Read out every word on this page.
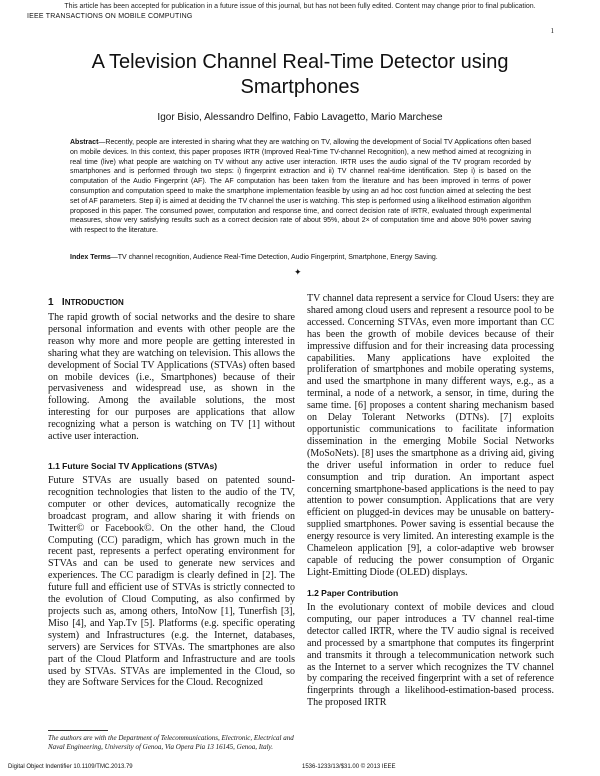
This article has been accepted for publication in a future issue of this journal, but has not been fully edited. Content may change prior to final publication.
IEEE TRANSACTIONS ON MOBILE COMPUTING
1
A Television Channel Real-Time Detector using
Smartphones
Igor Bisio, Alessandro Delfino, Fabio Lavagetto, Mario Marchese
Abstract—Recently, people are interested in sharing what they are watching on TV, allowing the development of Social TV Applications often based on mobile devices. In this context, this paper proposes IRTR (Improved Real-Time TV-channel Recognition), a new method aimed at recognizing in real time (live) what people are watching on TV without any active user interaction. IRTR uses the audio signal of the TV program recorded by smartphones and is performed through two steps: i) fingerprint extraction and ii) TV channel real-time identification. Step i) is based on the computation of the Audio Fingerprint (AF). The AF computation has been taken from the literature and has been improved in terms of power consumption and computation speed to make the smartphone implementation feasible by using an ad hoc cost function aimed at selecting the best set of AF parameters. Step ii) is aimed at deciding the TV channel the user is watching. This step is performed using a likelihood estimation algorithm proposed in this paper. The consumed power, computation and response time, and correct decision rate of IRTR, evaluated through experimental measures, show very satisfying results such as a correct decision rate of about 95%, about 2× of computation time and above 90% power saving with respect to the literature.
Index Terms—TV channel recognition, Audience Real-Time Detection, Audio Fingerprint, Smartphone, Energy Saving.
✦
1 INTRODUCTION

The rapid growth of social networks and the desire to share personal information and events with other people are the reason why more and more people are getting interested in sharing what they are watching on television. This allows the development of Social TV Applications (STVAs) often based on mobile devices (i.e., Smartphones) because of their pervasiveness and widespread use, as shown in the following. Among the available solutions, the most interesting for our purposes are applications that allow recognizing what a person is watching on TV [1] without active user interaction.

1.1 Future Social TV Applications (STVAs)

Future STVAs are usually based on patented sound-recognition technologies that listen to the audio of the TV, computer or other devices, automatically recognize the broadcast program, and allow sharing it with friends on Twitter© or Facebook©. On the other hand, the Cloud Computing (CC) paradigm, which has grown much in the recent past, represents a perfect operating environment for STVAs and can be used to generate new services and experiences. The CC paradigm is clearly defined in [2]. The future full and efficient use of STVAs is strictly connected to the evolution of Cloud Computing, as also confirmed by projects such as, among others, IntoNow [1], Tunerfish [3], Miso [4], and Yap.Tv [5]. Platforms (e.g. specific operating system) and Infrastructures (e.g. the Internet, databases, servers) are Services for STVAs. The smartphones are also part of the Cloud Platform and Infrastructure and are tools used by STVAs. STVAs are implemented in the Cloud, so they are Software Services for the Cloud. Recognized

The authors are with the Department of Telecommunications, Electronic, Electrical and Naval Engineering, University of Genoa, Via Opera Pia 13 16145, Genoa, Italy.

TV channel data represent a service for Cloud Users: they are shared among cloud users and represent a resource pool to be accessed. Concerning STVAs, even more important than CC has been the growth of mobile devices because of their impressive diffusion and for their increasing data processing capabilities. Many applications have exploited the proliferation of smartphones and mobile operating systems, and used the smartphone in many different ways, e.g., as a terminal, a node of a network, a sensor, in time, during the same time. [6] proposes a content sharing mechanism based on Delay Tolerant Networks (DTNs). [7] exploits opportunistic communications to facilitate information dissemination in the emerging Mobile Social Networks (MoSoNets). [8] uses the smartphone as a driving aid, giving the driver useful information in order to reduce fuel consumption and trip duration. An important aspect concerning smartphone-based applications is the need to pay attention to power consumption. Applications that are very efficient on plugged-in devices may be unusable on battery-supplied smartphones. Power saving is essential because the energy resource is very limited. An interesting example is the Chameleon application [9], a color-adaptive web browser capable of reducing the power consumption of Organic Light-Emitting Diode (OLED) displays.

1.2 Paper Contribution

In the evolutionary context of mobile devices and cloud computing, our paper introduces a TV channel real-time detector called IRTR, where the TV audio signal is received and processed by a smartphone that computes its fingerprint and transmits it through a telecommunication network such as the Internet to a server which recognizes the TV channel by comparing the received fingerprint with a set of reference fingerprints through a likelihood-estimation-based process. The proposed IRTR

Digital Object Indentifier 10.1109/TMC.2013.79	1536-1233/13/$31.00 © 2013 IEEE
